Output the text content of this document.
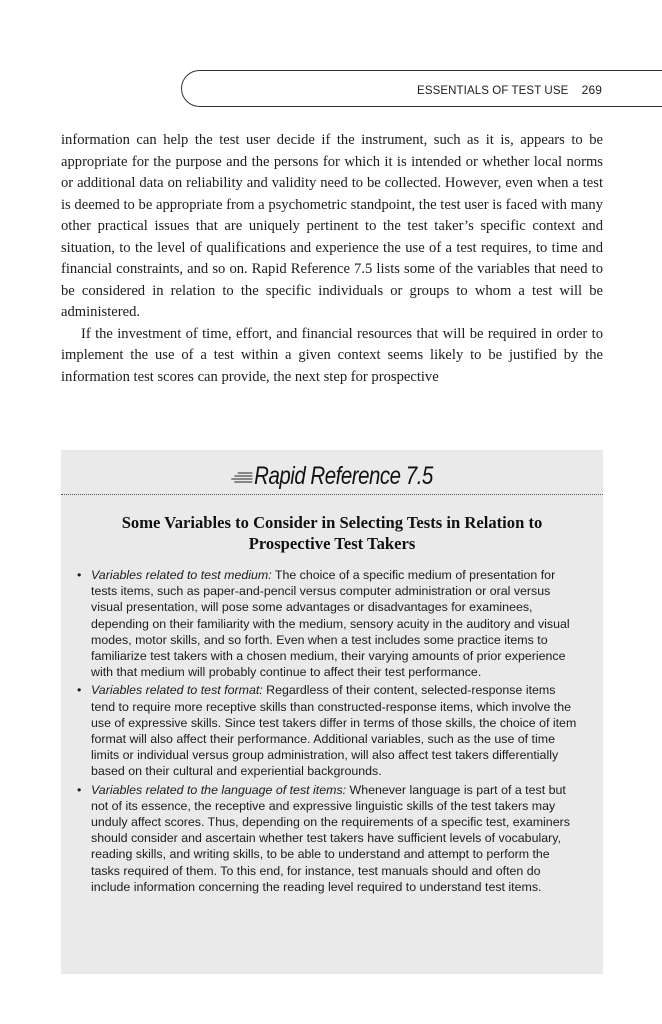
ESSENTIALS OF TEST USE 269

information can help the test user decide if the instrument, such as it is, appears to be appropriate for the purpose and the persons for which it is intended or whether local norms or additional data on reliability and validity need to be collected. However, even when a test is deemed to be appropriate from a psychometric standpoint, the test user is faced with many other practical issues that are uniquely pertinent to the test taker’s specific context and situation, to the level of qualifications and experience the use of a test requires, to time and financial constraints, and so on. Rapid Reference 7.5 lists some of the variables that need to be considered in relation to the specific individuals or groups to whom a test will be administered.

If the investment of time, effort, and financial resources that will be required in order to implement the use of a test within a given context seems likely to be justified by the information test scores can provide, the next step for prospective

Rapid Reference 7.5
Some Variables to Consider in Selecting Tests in Relation to Prospective Test Takers
• Variables related to test medium: The choice of a specific medium of presentation for tests items, such as paper-and-pencil versus computer administration or oral versus visual presentation, will pose some advantages or disadvantages for examinees, depending on their familiarity with the medium, sensory acuity in the auditory and visual modes, motor skills, and so forth. Even when a test includes some practice items to familiarize test takers with a chosen medium, their varying amounts of prior experience with that medium will probably continue to affect their test performance.
• Variables related to test format: Regardless of their content, selected-response items tend to require more receptive skills than constructed-response items, which involve the use of expressive skills. Since test takers differ in terms of those skills, the choice of item format will also affect their performance. Additional variables, such as the use of time limits or individual versus group administration, will also affect test takers differentially based on their cultural and experiential backgrounds.
• Variables related to the language of test items: Whenever language is part of a test but not of its essence, the receptive and expressive linguistic skills of the test takers may unduly affect scores. Thus, depending on the requirements of a specific test, examiners should consider and ascertain whether test takers have sufficient levels of vocabulary, reading skills, and writing skills, to be able to understand and attempt to perform the tasks required of them. To this end, for instance, test manuals should and often do include information concerning the reading level required to understand test items.
